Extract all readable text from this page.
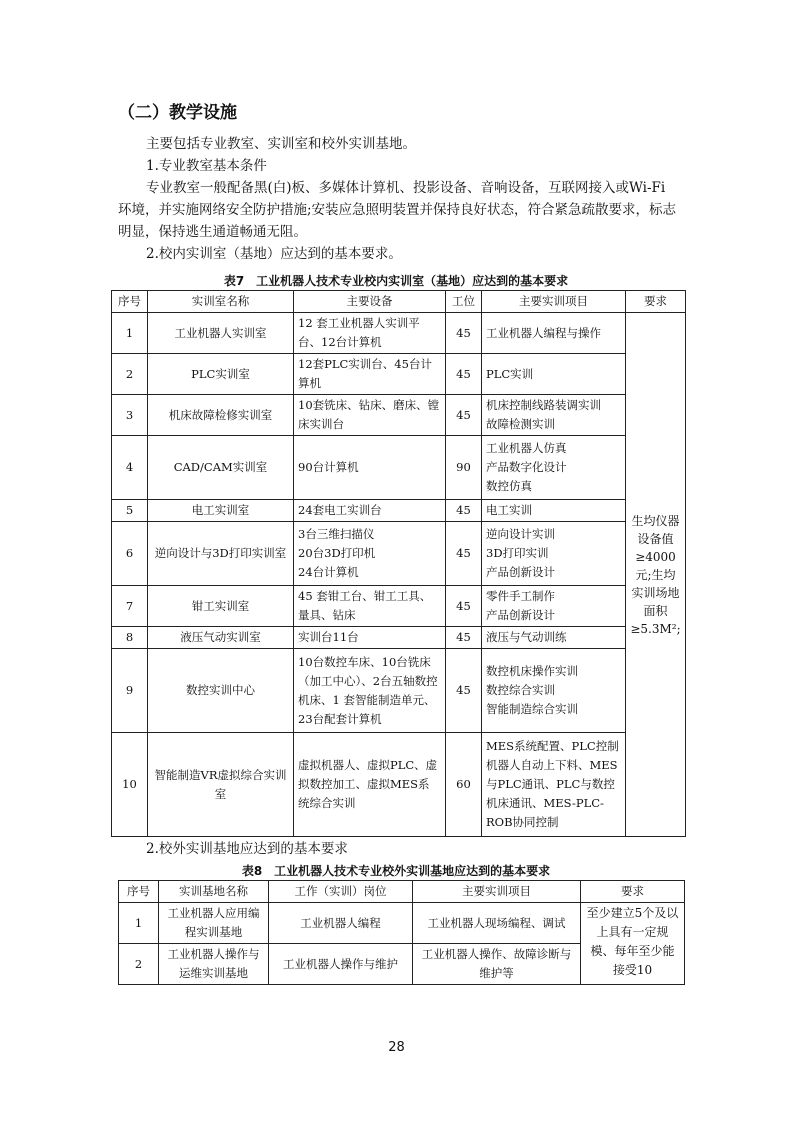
（二）教学设施

主要包括专业教室、实训室和校外实训基地。

1.专业教室基本条件

专业教室一般配备黑(白)板、多媒体计算机、投影设备、音响设备，互联网接入或Wi-Fi环境，并实施网络安全防护措施;安装应急照明装置并保持良好状态，符合紧急疏散要求，标志明显，保持逃生通道畅通无阻。

2.校内实训室（基地）应达到的基本要求。

表7　工业机器人技术专业校内实训室（基地）应达到的基本要求

序号	实训室名称	主要设备	工位	主要实训项目	要求
1	工业机器人实训室	12 套工业机器人实训平台、12台计算机	45	工业机器人编程与操作	生均仪器设备值≥4000元;生均实训场地面积≥5.3M²;
2	PLC实训室	12套PLC实训台、45台计算机	45	PLC实训	
3	机床故障检修实训室	10套铣床、钻床、磨床、镗床实训台	45	机床控制线路装调实训
故障检测实训	
4	CAD/CAM实训室	90台计算机	90	工业机器人仿真
产品数字化设计
数控仿真	
5	电工实训室	24套电工实训台	45	电工实训	
6	逆向设计与3D打印实训室	3台三维扫描仪
20台3D打印机
24台计算机	45	逆向设计实训
3D打印实训
产品创新设计	
7	钳工实训室	45 套钳工台、钳工工具、量具、钻床	45	零件手工制作
产品创新设计	
8	液压气动实训室	实训台11台	45	液压与气动训练	
9	数控实训中心	10台数控车床、10台铣床（加工中心）、2台五轴数控机床、1 套智能制造单元、23台配套计算机	45	数控机床操作实训
数控综合实训
智能制造综合实训	
10	智能制造VR虚拟综合实训室	虚拟机器人、虚拟PLC、虚拟数控加工、虚拟MES系统综合实训	60	MES系统配置、PLC控制机器人自动上下料、MES与PLC通讯、PLC与数控机床通讯、MES-PLC-ROB协同控制	

2.校外实训基地应达到的基本要求

表8　工业机器人技术专业校外实训基地应达到的基本要求

序号	实训基地名称	工作（实训）岗位	主要实训项目	要求
1	工业机器人应用编程实训基地	工业机器人编程	工业机器人现场编程、调试	至少建立5个及以上具有一定规模、每年至少能接受10
2	工业机器人操作与运维实训基地	工业机器人操作与维护	工业机器人操作、故障诊断与维护等	
28
